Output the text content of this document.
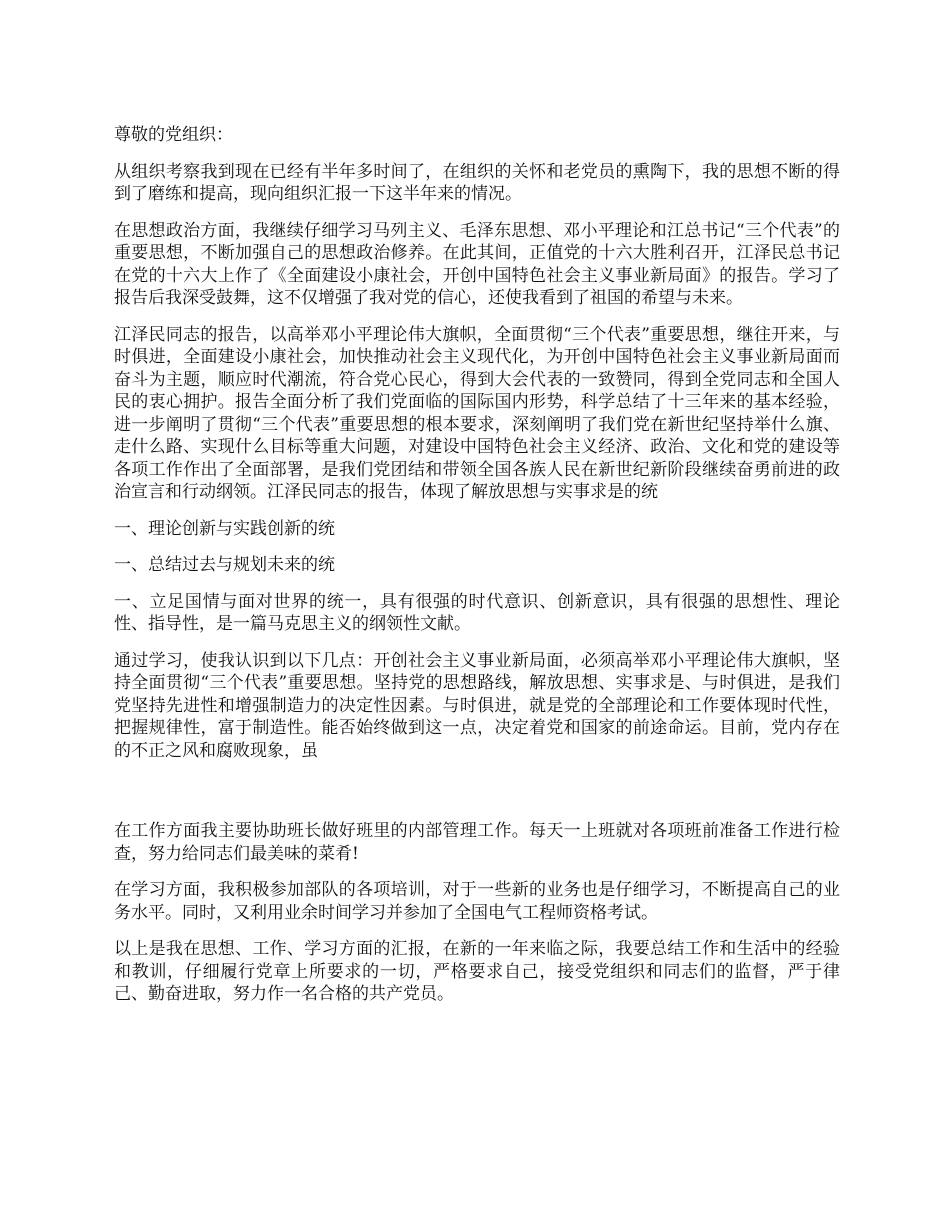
尊敬的党组织：

从组织考察我到现在已经有半年多时间了，在组织的关怀和老党员的熏陶下，我的思想不断的得到了磨练和提高，现向组织汇报一下这半年来的情况。

在思想政治方面，我继续仔细学习马列主义、毛泽东思想、邓小平理论和江总书记“三个代表”的重要思想，不断加强自己的思想政治修养。在此其间，正值党的十六大胜利召开，江泽民总书记在党的十六大上作了《全面建设小康社会，开创中国特色社会主义事业新局面》的报告。学习了报告后我深受鼓舞，这不仅增强了我对党的信心，还使我看到了祖国的希望与未来。

江泽民同志的报告，以高举邓小平理论伟大旗帜，全面贯彻“三个代表”重要思想，继往开来，与时俱进，全面建设小康社会，加快推动社会主义现代化，为开创中国特色社会主义事业新局面而奋斗为主题，顺应时代潮流，符合党心民心，得到大会代表的一致赞同，得到全党同志和全国人民的衷心拥护。报告全面分析了我们党面临的国际国内形势，科学总结了十三年来的基本经验，进一步阐明了贯彻“三个代表”重要思想的根本要求，深刻阐明了我们党在新世纪坚持举什么旗、走什么路、实现什么目标等重大问题，对建设中国特色社会主义经济、政治、文化和党的建设等各项工作作出了全面部署，是我们党团结和带领全国各族人民在新世纪新阶段继续奋勇前进的政治宣言和行动纲领。江泽民同志的报告，体现了解放思想与实事求是的统

一、理论创新与实践创新的统

一、总结过去与规划未来的统

一、立足国情与面对世界的统一，具有很强的时代意识、创新意识，具有很强的思想性、理论性、指导性，是一篇马克思主义的纲领性文献。

通过学习，使我认识到以下几点：开创社会主义事业新局面，必须高举邓小平理论伟大旗帜，坚持全面贯彻“三个代表”重要思想。坚持党的思想路线，解放思想、实事求是、与时俱进，是我们党坚持先进性和增强制造力的决定性因素。与时俱进，就是党的全部理论和工作要体现时代性，把握规律性，富于制造性。能否始终做到这一点，决定着党和国家的前途命运。目前，党内存在的不正之风和腐败现象，虽

在工作方面我主要协助班长做好班里的内部管理工作。每天一上班就对各项班前准备工作进行检查，努力给同志们最美味的菜肴!

在学习方面，我积极参加部队的各项培训，对于一些新的业务也是仔细学习，不断提高自己的业务水平。同时，又利用业余时间学习并参加了全国电气工程师资格考试。

以上是我在思想、工作、学习方面的汇报，在新的一年来临之际，我要总结工作和生活中的经验和教训，仔细履行党章上所要求的一切，严格要求自己，接受党组织和同志们的监督，严于律己、勤奋进取，努力作一名合格的共产党员。
